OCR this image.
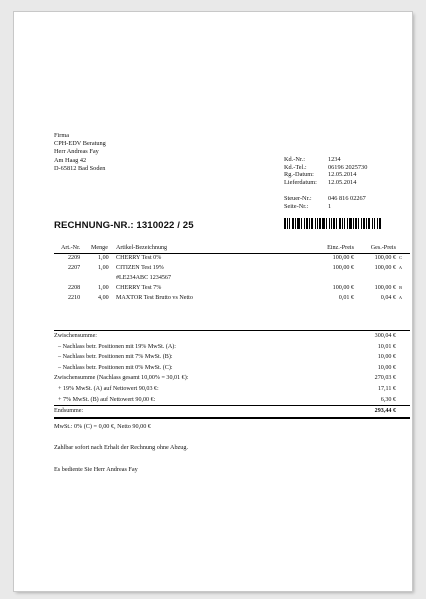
Firma
CPH-EDV Beratung
Herr Andreas Fay
Am Haag 42
D-65812 Bad Soden
Kd.-Nr.:	1234
Kd.-Tel.:	06196 2025730
Rg.-Datum:	12.05.2014
Lieferdatum:	12.05.2014
Steuer-Nr.:	046 816 02267
Seite-Nr.:	1
RECHNUNG-NR.: 1310022 / 25
Art.-Nr. Menge Artikel-Bezeichnung	Einz.-Preis	Ges.-Preis
2209	1,00 CHERRY Test 0%	100,00 €	100,00 € C
2207	1,00 CITIZEN Test 19%	100,00 €	100,00 € A
#LE234ABC 1234567
2208	1,00 CHERRY Test 7%	100,00 €	100,00 € B
2210	4,00 MAXTOR Test Brutto vs Netto	0,01 €	0,04 € A
Zwischensumme:	300,04 €
– Nachlass betr. Positionen mit 19% MwSt. (A):	10,01 €
– Nachlass betr. Positionen mit 7% MwSt. (B):	10,00 €
– Nachlass betr. Positionen mit 0% MwSt. (C):	10,00 €
Zwischensumme (Nachlass gesamt 10,00% = 30,01 €):	270,03 €
+ 19% MwSt. (A) auf Nettowert 90,03 €:	17,11 €
+ 7% MwSt. (B) auf Nettowert 90,00 €:	6,30 €
Endsumme:	293,44 €
MwSt.: 0% (C) = 0,00 €, Netto 90,00 €
Zahlbar sofort nach Erhalt der Rechnung ohne Abzug.
Es bediente Sie Herr Andreas Fay
